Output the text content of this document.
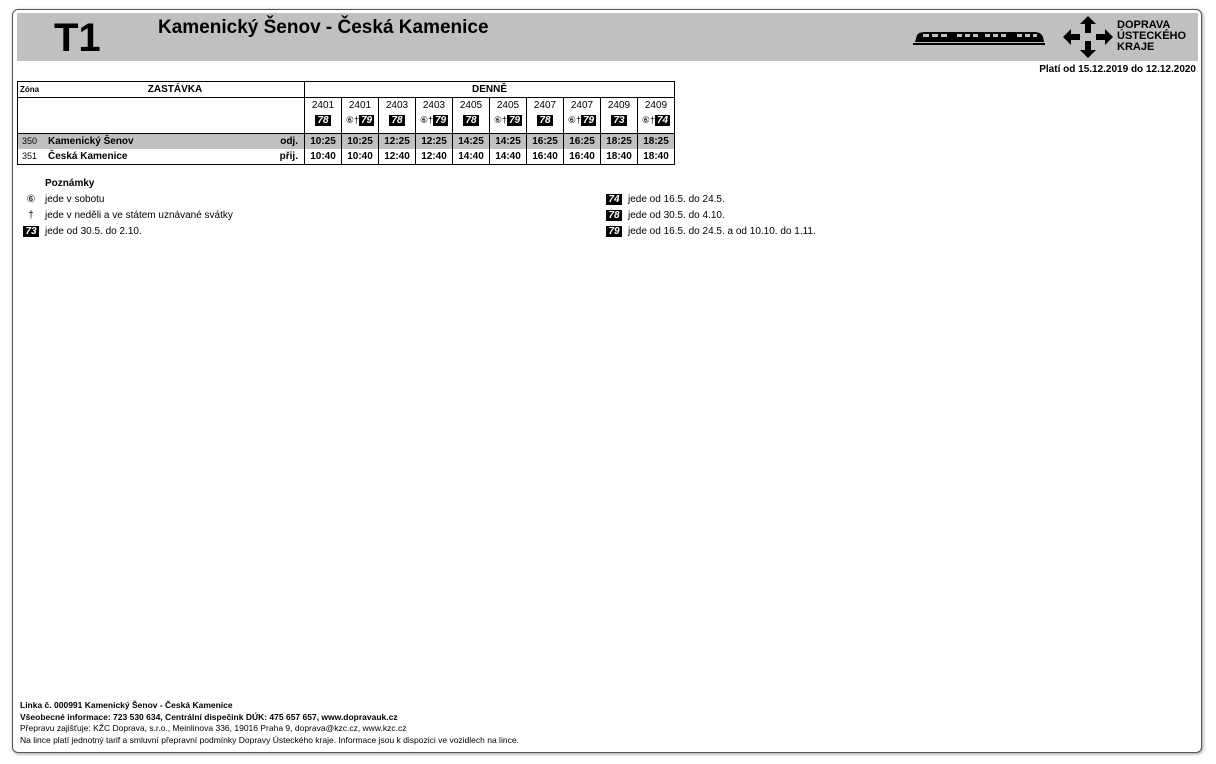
T1	Kamenický Šenov - Česká Kamenice	DOPRAVA
ÚSTECKÉHO
KRAJE
Platí od 15.12.2019 do 12.12.2020
Zóna	ZASTÁVKA		DENNĚ									
			2401	2401	2403	2403	2405	2405	2407	2407	2409	2409
			78	⑥† 79	78	⑥† 79	78	⑥† 79	78	⑥† 79	73	⑥† 74
350	Kamenický Šenov	odj.	10:25	10:25	12:25	12:25	14:25	14:25	16:25	16:25	18:25	18:25
351	Česká Kamenice	přij.	10:40	10:40	12:40	12:40	14:40	14:40	16:40	16:40	18:40	18:40
Poznámky
⑥ jede v sobotu
†	jede v neděli a ve státem uznávané svátky
73 jede od 30.5. do 2.10.
74 jede od 16.5. do 24.5.
78 jede od 30.5. do 4.10.
79 jede od 16.5. do 24.5. a od 10.10. do 1.11.
Linka č. 000991 Kamenický Šenov - Česká Kamenice
Všeobecné informace: 723 530 634, Centrální dispečink DÚK: 475 657 657, www.dopravauk.cz
Přepravu zajišťuje: KŽC Doprava, s.r.o., Meinlinova 336, 19016 Praha 9, doprava@kzc.cz, www.kzc.cz
Na lince platí jednotný tarif a smluvní přepravní podmínky Dopravy Ústeckého kraje. Informace jsou k dispozici ve vozidlech na lince.
